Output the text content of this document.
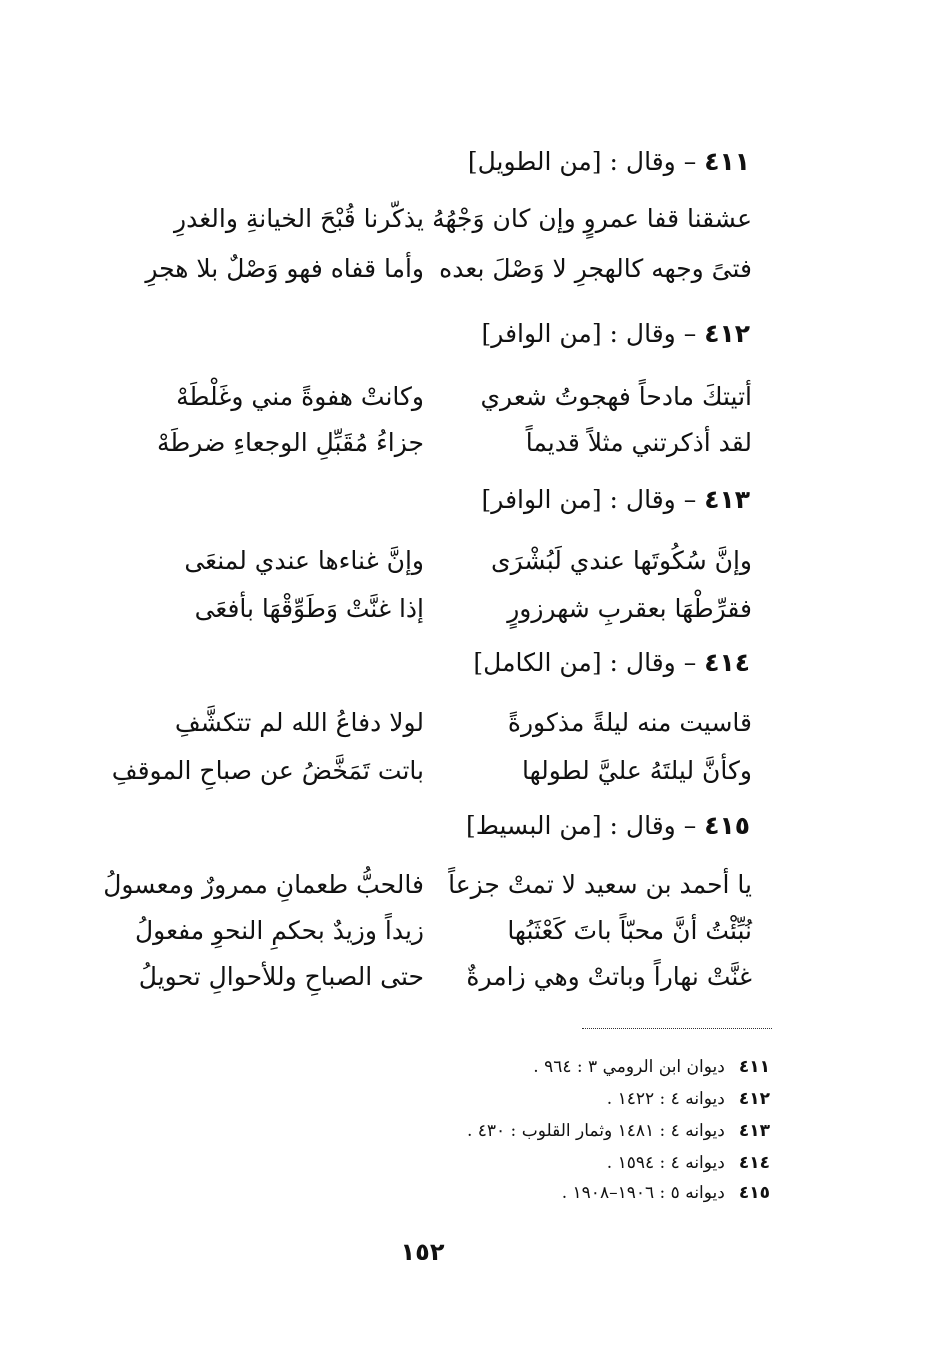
٤١١–وقال : [من الطويل]
عشقنا قفا عمروٍ وإن كان وَجْهُهُ
يذكّرنا قُبْحَ الخيانةِ والغدرِ
فتىً وجهه كالهجرِ لا وَصْلَ بعده
وأما قفاه فهو وَصْلٌ بلا هجرِ
٤١٢–وقال : [من الوافر]
أتيتكَ مادحاً فهجوتُ شعري
وكانتْ هفوةً مني وغَلْطَهْ
لقد أذكرتني مثلاً قديماً
جزاءُ مُقَبِّلِ الوجعاءِ ضرطَهْ
٤١٣–وقال : [من الوافر]
وإنَّ سُكُوتَها عندي لَبُشْرَى
وإنَّ غناءها عندي لمنعَى
فقرِّطْهَا بعقربِ شهرزورٍ
إذا غنَّتْ وَطَوِّقْهَا بأفعَى
٤١٤–وقال : [من الكامل]
قاسيت منه ليلةً مذكورةً
لولا دفاعُ الله لم تتكشَّفِ
وكأنَّ ليلتَهُ عليَّ لطولها
باتت تَمَخَّضُ عن صباحِ الموقفِ
٤١٥–وقال : [من البسيط]
يا أحمد بن سعيد لا تمتْ جزعاً
فالحبُّ طعمانِ ممرورٌ ومعسولُ
نُبِّئْتُ أنَّ محبّاً باتَ كَعْثَبُها
زيداً وزيدٌ بحكمِ النحوِ مفعولُ
غنَّتْ نهاراً وباتتْ وهي زامرةٌ
حتى الصباحِ وللأحوالِ تحويلُ
٤١١ديوان ابن الرومي ٣ : ٩٦٤ .
٤١٢ديوانه ٤ : ١٤٢٢ .
٤١٣ديوانه ٤ : ١٤٨١ وثمار القلوب : ٤٣٠ .
٤١٤ديوانه ٤ : ١٥٩٤ .
٤١٥ديوانه ٥ : ١٩٠٦–١٩٠٨ .
١٥٢
